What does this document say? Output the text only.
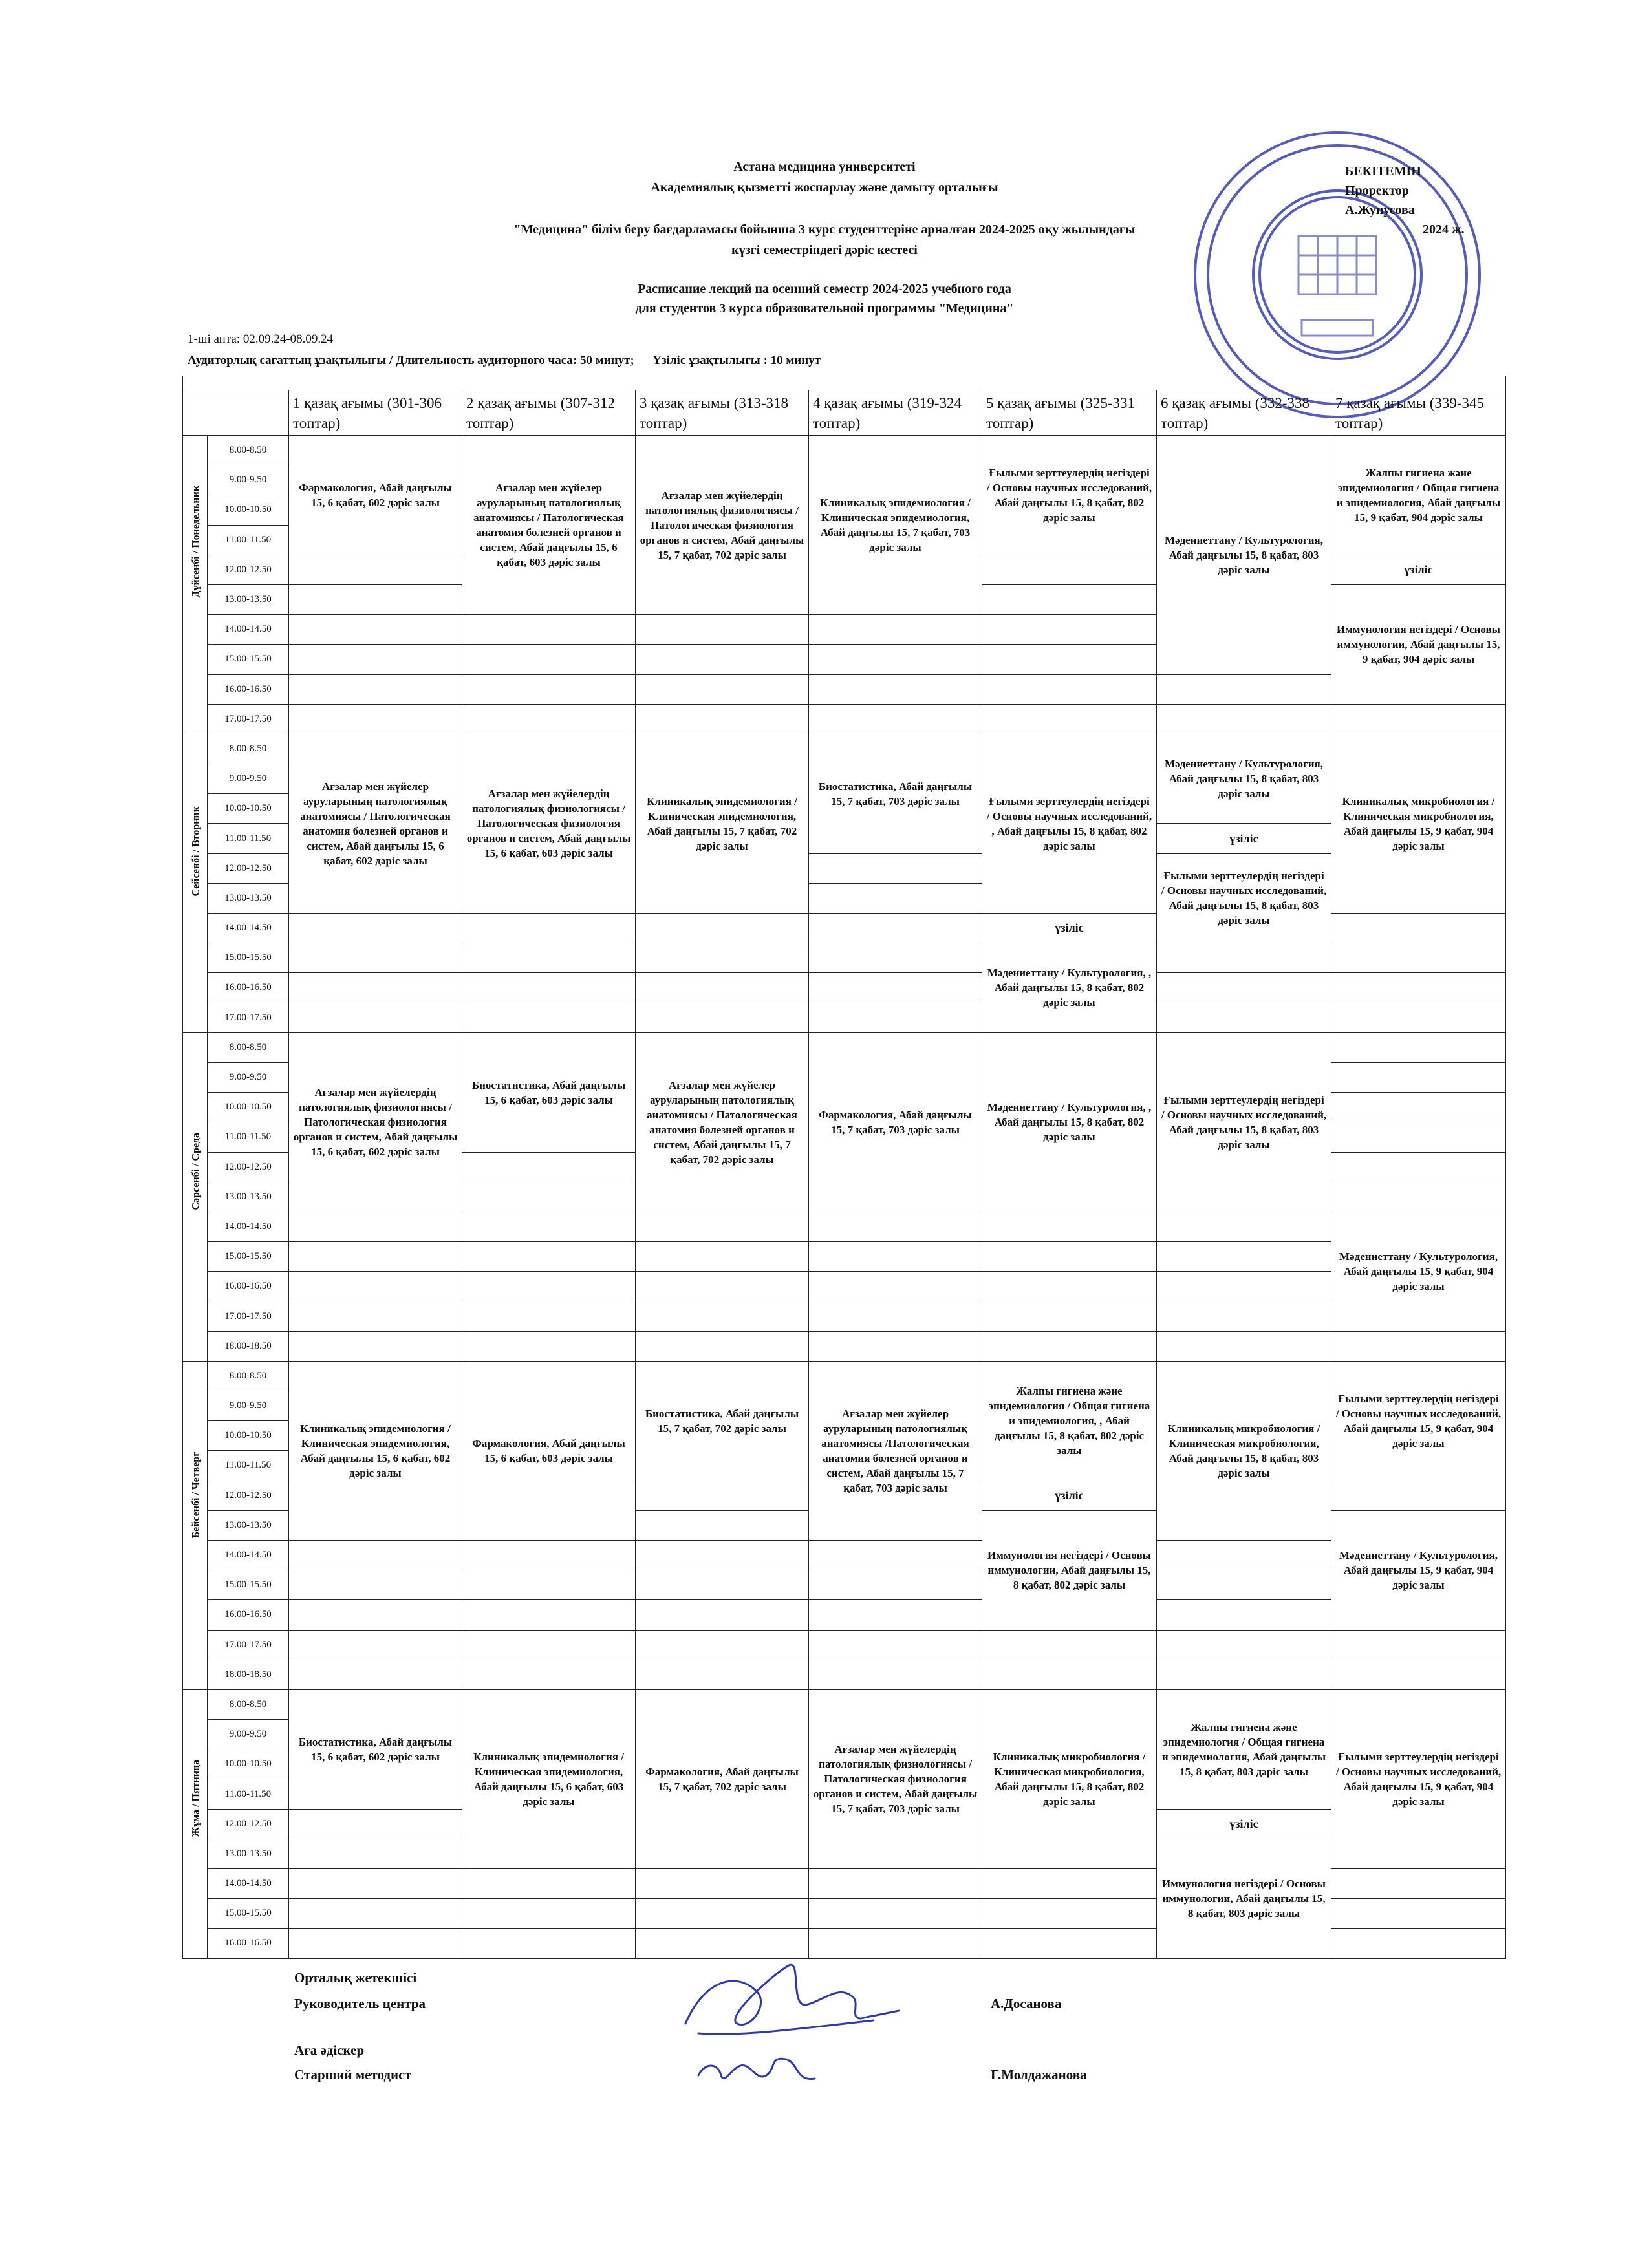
Астана медицина университеті
Академиялық қызметті жоспарлау және дамыту орталығы
"Медицина" білім беру бағдарламасы бойынша 3 курс студенттеріне арналған 2024-2025 оқу жылындағы
күзгі семестріндегі дәріс кестесі
Расписание лекций на осенний семестр 2024-2025 учебного года
для студентов 3 курса образовательной программы "Медицина"
БЕКІТЕМІН
Проректор
А.Жунусова
2024 ж.
1-ші апта: 02.09.24-08.09.24
Аудиторлық сағаттың ұзақтылығы / Длительность аудиторного часа: 50 минут; Үзіліс ұзақтылығы : 10 минут

		1 қазақ ағымы (301-306 топтар)	2 қазақ ағымы (307-312 топтар)	3 қазақ ағымы (313-318 топтар)	4 қазақ ағымы (319-324 топтар)	5 қазақ ағымы (325-331 топтар)	6 қазақ ағымы (332-338 топтар)	7 қазақ ағымы (339-345 топтар)

Дүйсенбі / Понедельник	8.00-8.50	Фармакология, Абай даңғылы 15, 6 қабат, 602 дәріс залы	Ағзалар мен жүйелер ауруларының патологиялық анатомиясы / Патологическая анатомия болезней органов и систем, Абай даңғылы 15, 6 қабат, 603 дәріс залы	Ағзалар мен жүйелердің патологиялық физиологиясы / Патологическая физиология органов и систем, Абай даңғылы 15, 7 қабат, 702 дәріс залы	Клиникалық эпидемиология / Клиническая эпидемиология, Абай даңғылы 15, 7 қабат, 703 дәріс залы	Ғылыми зерттеулердің негіздері / Основы научных исследований, Абай даңғылы 15, 8 қабат, 802 дәріс залы	Мәдениеттану / Культурология, Абай даңғылы 15, 8 қабат, 803 дәріс залы	Жалпы гигиена және эпидемиология / Общая гигиена и эпидемиология, Абай даңғылы 15, 9 қабат, 904 дәріс залы
	9.00-9.50							
	10.00-10.50							
	11.00-11.50							
	12.00-12.50							үзіліс
	13.00-13.50							Иммунология негіздері / Основы иммунологии, Абай даңғылы 15, 9 қабат, 904 дәріс залы
	14.00-14.50							
	15.00-15.50							
	16.00-16.50							
	17.00-17.50							

Сейсенбі / Вторник	8.00-8.50	Ағзалар мен жүйелер ауруларының патологиялық анатомиясы / Патологическая анатомия болезней органов и систем, Абай даңғылы 15, 6 қабат, 602 дәріс залы	Ағзалар мен жүйелердің патологиялық физиологиясы / Патологическая физиология органов и систем, Абай даңғылы 15, 6 қабат, 603 дәріс залы	Клиникалық эпидемиология / Клиническая эпидемиология, Абай даңғылы 15, 7 қабат, 702 дәріс залы	Биостатистика, Абай даңғылы 15, 7 қабат, 703 дәріс залы	Ғылыми зерттеулердің негіздері / Основы научных исследований, , Абай даңғылы 15, 8 қабат, 802 дәріс залы	Мәдениеттану / Культурология, Абай даңғылы 15, 8 қабат, 803 дәріс залы	Клиникалық микробиология / Клиническая микробиология, Абай даңғылы 15, 9 қабат, 904 дәріс залы
	9.00-9.50							
	10.00-10.50							
	11.00-11.50						үзіліс	
	12.00-12.50						Ғылыми зерттеулердің негіздері / Основы научных исследований, Абай даңғылы 15, 8 қабат, 803 дәріс залы	
	13.00-13.50							
	14.00-14.50					үзіліс		
	15.00-15.50					Мәдениеттану / Культурология, , Абай даңғылы 15, 8 қабат, 802 дәріс залы		
	16.00-16.50							
	17.00-17.50							

Сәрсенбі / Среда	8.00-8.50	Ағзалар мен жүйелердің патологиялық физиологиясы / Патологическая физиология органов и систем, Абай даңғылы 15, 6 қабат, 602 дәріс залы	Биостатистика, Абай даңғылы 15, 6 қабат, 603 дәріс залы	Ағзалар мен жүйелер ауруларының патологиялық анатомиясы / Патологическая анатомия болезней органов и систем, Абай даңғылы 15, 7 қабат, 702 дәріс залы	Фармакология, Абай даңғылы 15, 7 қабат, 703 дәріс залы	Мәдениеттану / Культурология, , Абай даңғылы 15, 8 қабат, 802 дәріс залы	Ғылыми зерттеулердің негіздері / Основы научных исследований, Абай даңғылы 15, 8 қабат, 803 дәріс залы	
	9.00-9.50							
	10.00-10.50							
	11.00-11.50							
	12.00-12.50							
	13.00-13.50							
	14.00-14.50							Мәдениеттану / Культурология, Абай даңғылы 15, 9 қабат, 904 дәріс залы
	15.00-15.50							
	16.00-16.50							
	17.00-17.50							
	18.00-18.50							

Бейсенбі / Четверг	8.00-8.50	Клиникалық эпидемиология / Клиническая эпидемиология, Абай даңғылы 15, 6 қабат, 602 дәріс залы	Фармакология, Абай даңғылы 15, 6 қабат, 603 дәріс залы	Биостатистика, Абай даңғылы 15, 7 қабат, 702 дәріс залы	Ағзалар мен жүйелер ауруларының патологиялық анатомиясы /Патологическая анатомия болезней органов и систем, Абай даңғылы 15, 7 қабат, 703 дәріс залы	Жалпы гигиена және эпидемиология / Общая гигиена и эпидемиология, , Абай даңғылы 15, 8 қабат, 802 дәріс залы	Клиникалық микробиология / Клиническая микробиология, Абай даңғылы 15, 8 қабат, 803 дәріс залы	Ғылыми зерттеулердің негіздері / Основы научных исследований, Абай даңғылы 15, 9 қабат, 904 дәріс залы
	9.00-9.50							
	10.00-10.50							
	11.00-11.50							
	12.00-12.50					үзіліс		
	13.00-13.50					Иммунология негіздері / Основы иммунологии, Абай даңғылы 15, 8 қабат, 802 дәріс залы		Мәдениеттану / Культурология, Абай даңғылы 15, 9 қабат, 904 дәріс залы
	14.00-14.50							
	15.00-15.50							
	16.00-16.50							
	17.00-17.50							
	18.00-18.50							

Жұма / Пятница	8.00-8.50	Биостатистика, Абай даңғылы 15, 6 қабат, 602 дәріс залы	Клиникалық эпидемиология / Клиническая эпидемиология, Абай даңғылы 15, 6 қабат, 603 дәріс залы	Фармакология, Абай даңғылы 15, 7 қабат, 702 дәріс залы	Ағзалар мен жүйелердің патологиялық физиологиясы / Патологическая физиология органов и систем, Абай даңғылы 15, 7 қабат, 703 дәріс залы	Клиникалық микробиология / Клиническая микробиология, Абай даңғылы 15, 8 қабат, 802 дәріс залы	Жалпы гигиена және эпидемиология / Общая гигиена и эпидемиология, Абай даңғылы 15, 8 қабат, 803 дәріс залы	Ғылыми зерттеулердің негіздері / Основы научных исследований, Абай даңғылы 15, 9 қабат, 904 дәріс залы
	9.00-9.50							
	10.00-10.50							
	11.00-11.50							
	12.00-12.50						үзіліс	
	13.00-13.50						Иммунология негіздері / Основы иммунологии, Абай даңғылы 15, 8 қабат, 803 дәріс залы	
	14.00-14.50							
	15.00-15.50							
	16.00-16.50							
Орталық жетекшісі
Руководитель центра	А.Досанова
Аға әдіскер
Старший методист	Г.Молдажанова
